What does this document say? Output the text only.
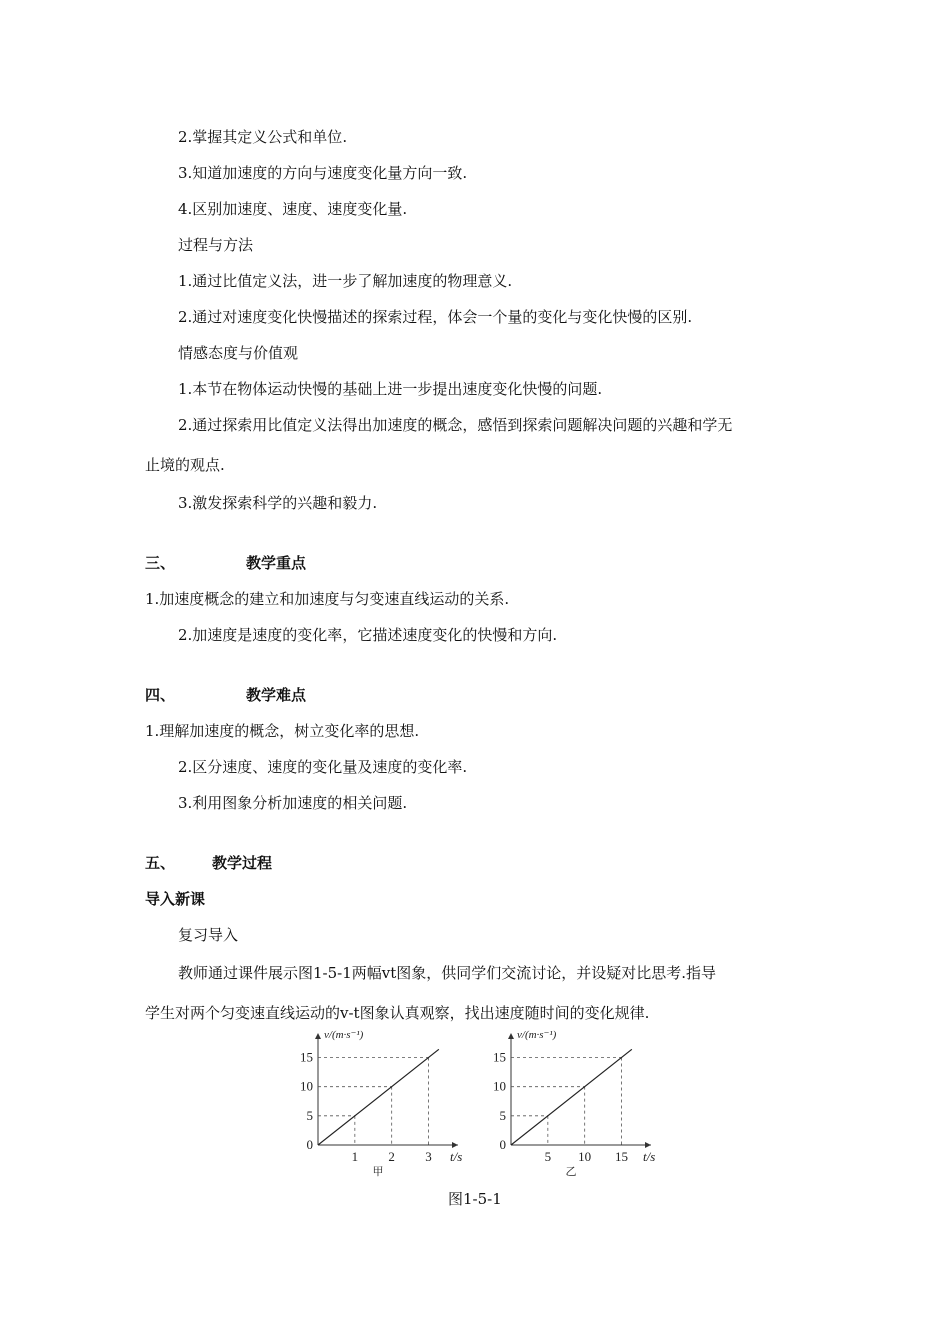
2.掌握其定义公式和单位.
3.知道加速度的方向与速度变化量方向一致.
4.区别加速度、速度、速度变化量.
过程与方法
1.通过比值定义法，进一步了解加速度的物理意义.
2.通过对速度变化快慢描述的探索过程，体会一个量的变化与变化快慢的区别.
情感态度与价值观
1.本节在物体运动快慢的基础上进一步提出速度变化快慢的问题.
2.通过探索用比值定义法得出加速度的概念，感悟到探索问题解决问题的兴趣和学无
止境的观点.
3.激发探索科学的兴趣和毅力.
三、	教学重点
1.加速度概念的建立和加速度与匀变速直线运动的关系.
2.加速度是速度的变化率，它描述速度变化的快慢和方向.
四、	教学难点
1.理解加速度的概念，树立变化率的思想.
2.区分速度、速度的变化量及速度的变化率.
3.利用图象分析加速度的相关问题.
五、 教学过程
导入新课
复习导入
教师通过课件展示图1-5-1两幅vt图象，供同学们交流讨论，并设疑对比思考.指导
学生对两个匀变速直线运动的v-t图象认真观察，找出速度随时间的变化规律.
1 2 3
5
10
15
0
v/(m·s⁻¹)
t/s
甲
5 10 15
5
10
15
0
v/(m·s⁻¹)
t/s
乙
图1-5-1
